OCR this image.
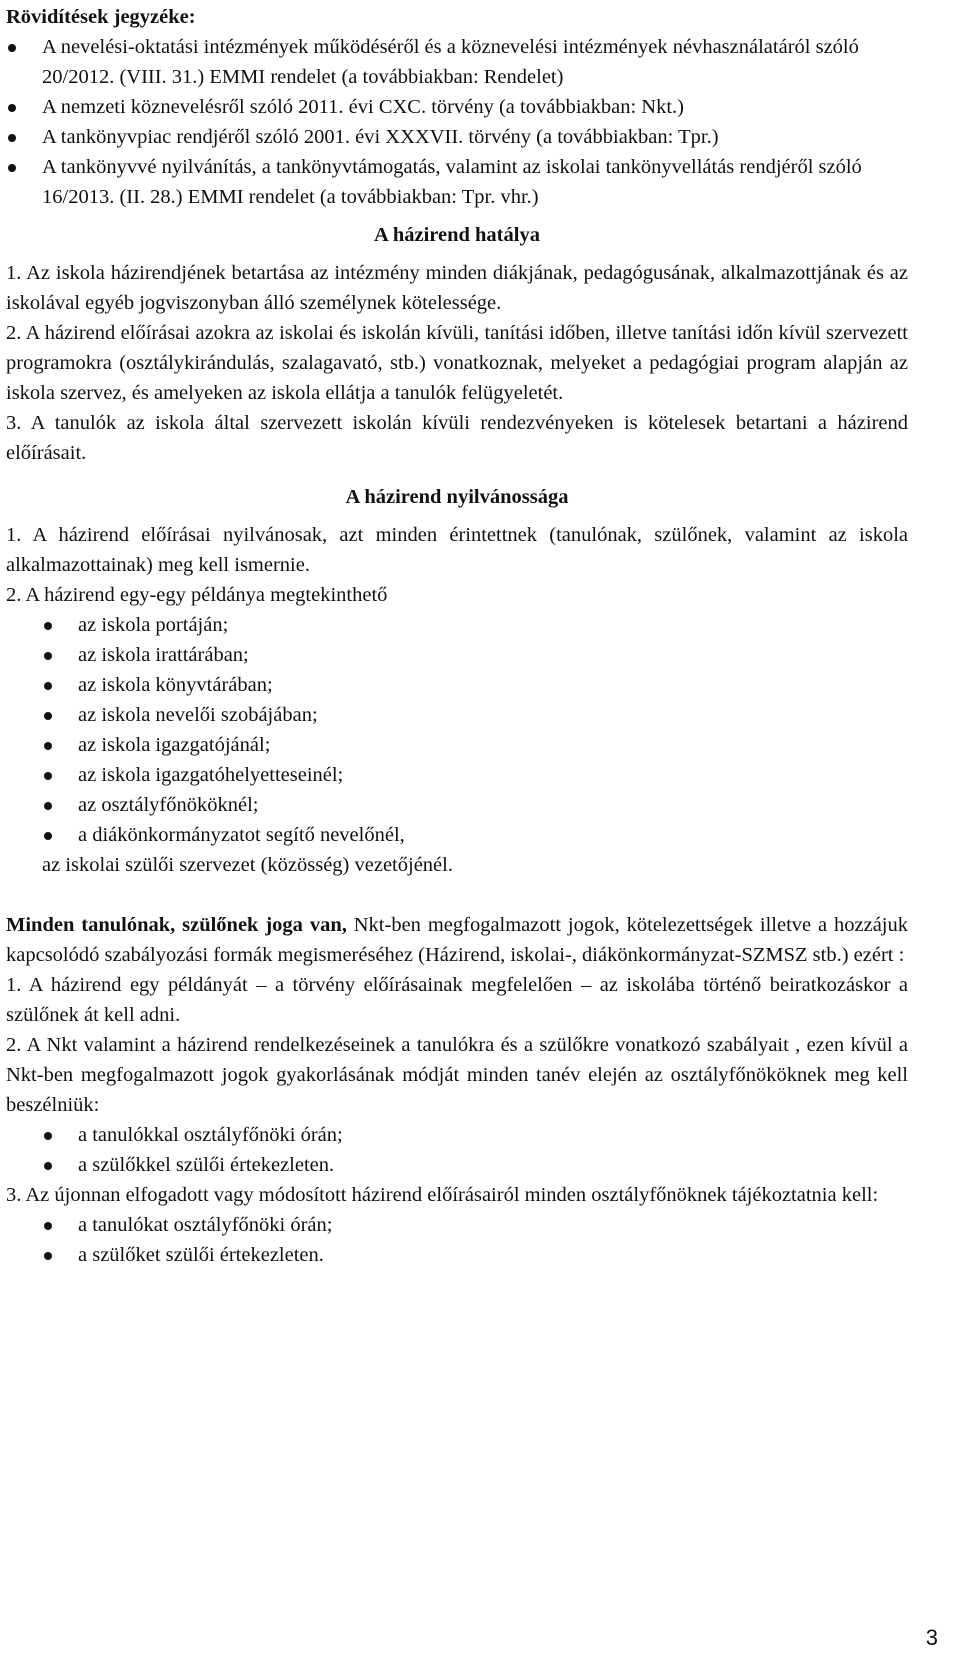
Rövidítések jegyzéke:

A nevelési-oktatási intézmények működéséről és a köznevelési intézmények névhasználatáról szóló 20/2012. (VIII. 31.) EMMI rendelet (a továbbiakban: Rendelet)
A nemzeti köznevelésről szóló 2011. évi CXC. törvény (a továbbiakban: Nkt.)
A tankönyvpiac rendjéről szóló 2001. évi XXXVII. törvény (a továbbiakban: Tpr.)
A tankönyvvé nyilvánítás, a tankönyvtámogatás, valamint az iskolai tankönyvellátás rendjéről szóló 16/2013. (II. 28.) EMMI rendelet (a továbbiakban: Tpr. vhr.)

A házirend hatálya

1. Az iskola házirendjének betartása az intézmény minden diákjának, pedagógusának, alkalmazottjának és az iskolával egyéb jogviszonyban álló személynek kötelessége.

2. A házirend előírásai azokra az iskolai és iskolán kívüli, tanítási időben, illetve tanítási időn kívül szervezett programokra (osztálykirándulás, szalagavató, stb.) vonatkoznak, melyeket a pedagógiai program alapján az iskola szervez, és amelyeken az iskola ellátja a tanulók felügyeletét.

3. A tanulók az iskola által szervezett iskolán kívüli rendezvényeken is kötelesek betartani a házirend előírásait.

A házirend nyilvánossága

1. A házirend előírásai nyilvánosak, azt minden érintettnek (tanulónak, szülőnek, valamint az iskola alkalmazottainak) meg kell ismernie.

2. A házirend egy-egy példánya megtekinthető

az iskola portáján;
az iskola irattárában;
az iskola könyvtárában;
az iskola nevelői szobájában;
az iskola igazgatójánál;
az iskola igazgatóhelyetteseinél;
az osztályfőnököknél;
a diákönkormányzatot segítő nevelőnél,

az iskolai szülői szervezet (közösség) vezetőjénél.

Minden tanulónak, szülőnek joga van, Nkt-ben megfogalmazott jogok, kötelezettségek illetve a hozzájuk kapcsolódó szabályozási formák megismeréséhez (Házirend, iskolai-, diákönkormányzat-SZMSZ stb.) ezért :

1. A házirend egy példányát – a törvény előírásainak megfelelően – az iskolába történő beiratkozáskor a szülőnek át kell adni.

2. A Nkt valamint a házirend rendelkezéseinek a tanulókra és a szülőkre vonatkozó szabályait , ezen kívül a Nkt-ben megfogalmazott jogok gyakorlásának módját minden tanév elején az osztályfőnököknek meg kell beszélniük:

a tanulókkal osztályfőnöki órán;
a szülőkkel szülői értekezleten.

3. Az újonnan elfogadott vagy módosított házirend előírásairól minden osztályfőnöknek tájékoztatnia kell:

a tanulókat osztályfőnöki órán;
a szülőket szülői értekezleten.
3
